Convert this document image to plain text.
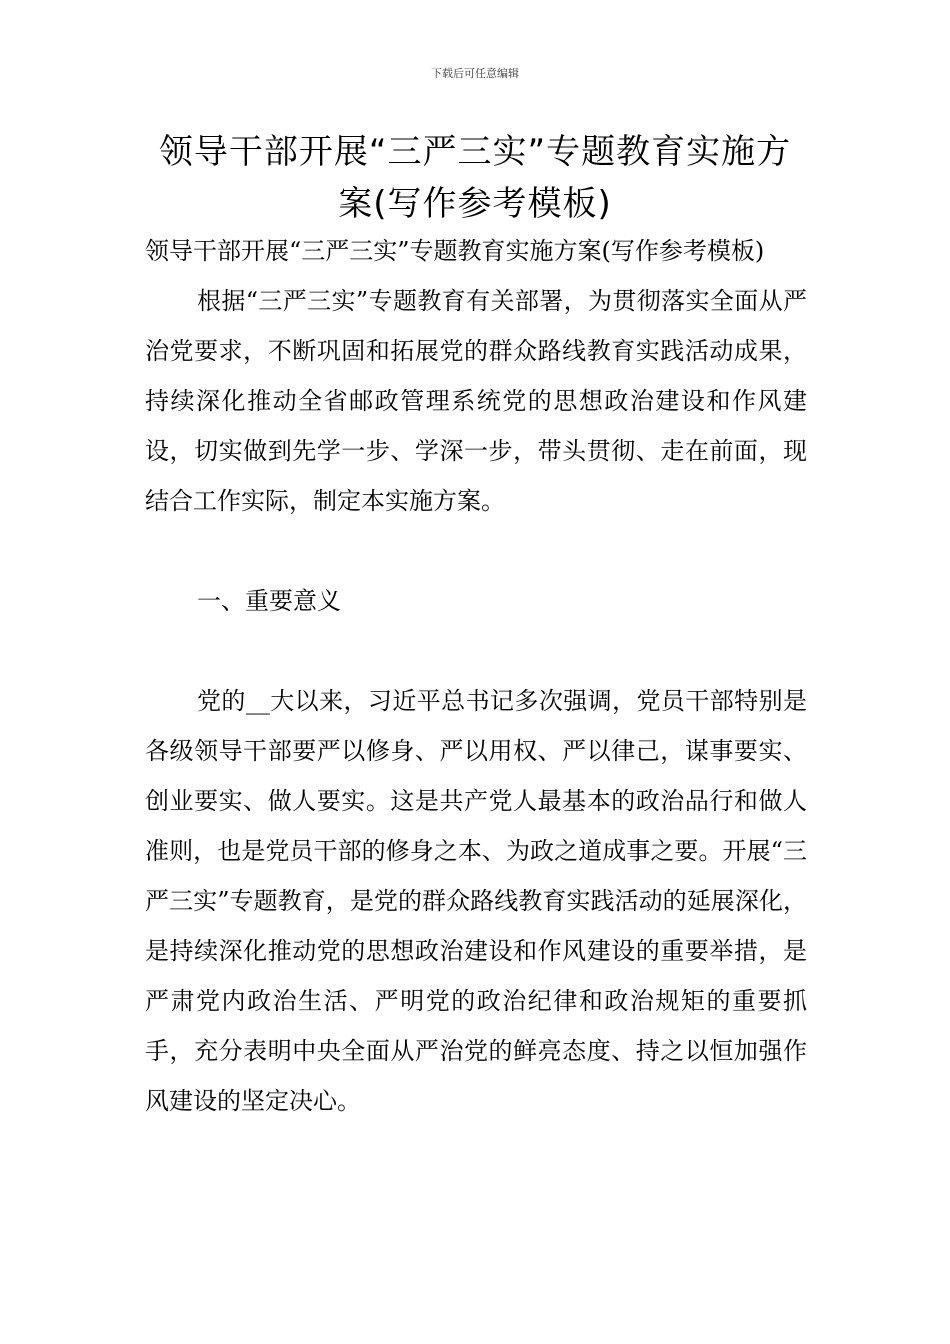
下载后可任意编辑
领导干部开展“三严三实”专题教育实施方案(写作参考模板)

领导干部开展“三严三实”专题教育实施方案(写作参考模板)

根据“三严三实”专题教育有关部署，为贯彻落实全面从严治党要求，不断巩固和拓展党的群众路线教育实践活动成果，持续深化推动全省邮政管理系统党的思想政治建设和作风建设，切实做到先学一步、学深一步，带头贯彻、走在前面，现结合工作实际，制定本实施方案。

一、重要意义

党的__大以来，习近平总书记多次强调，党员干部特别是各级领导干部要严以修身、严以用权、严以律己，谋事要实、创业要实、做人要实。这是共产党人最基本的政治品行和做人准则，也是党员干部的修身之本、为政之道成事之要。开展“三严三实”专题教育，是党的群众路线教育实践活动的延展深化，是持续深化推动党的思想政治建设和作风建设的重要举措，是严肃党内政治生活、严明党的政治纪律和政治规矩的重要抓手，充分表明中央全面从严治党的鲜亮态度、持之以恒加强作风建设的坚定决心。
